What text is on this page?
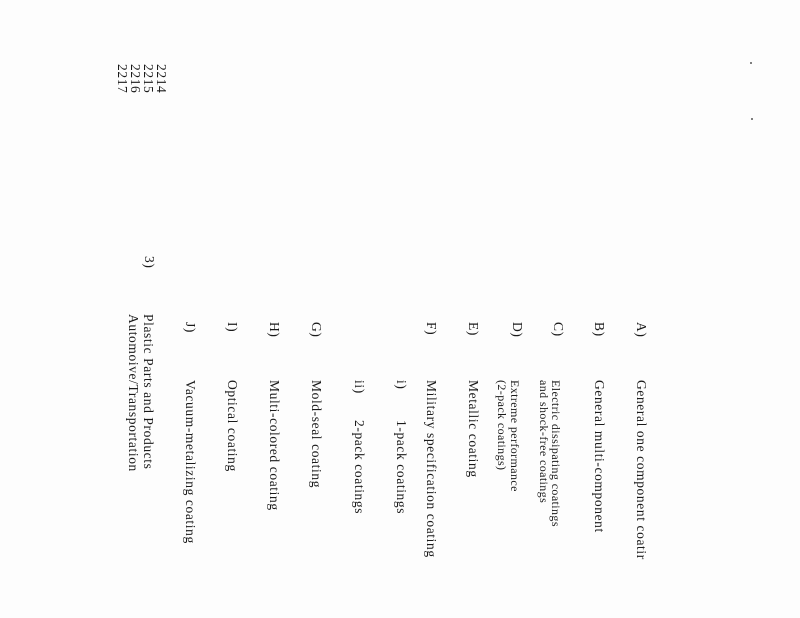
2214
2215
2216
2217
3)
Plastic Parts and Products
Automoive/Transportation	A)
General one component coatir
B)
General multi-component
C)
Electric dissipating coatings
and shock-free coatings
D)
Extreme performance
(2-pack coatings)
E)
Metallic coating
F)
Military specification coating
i)
1-pack coatings
ii)
2-pack coatings
G)
Mold-seal coating
H)
Multi-colored coating
I)
Optical coating
J)
Vacuum-metalizing coating
